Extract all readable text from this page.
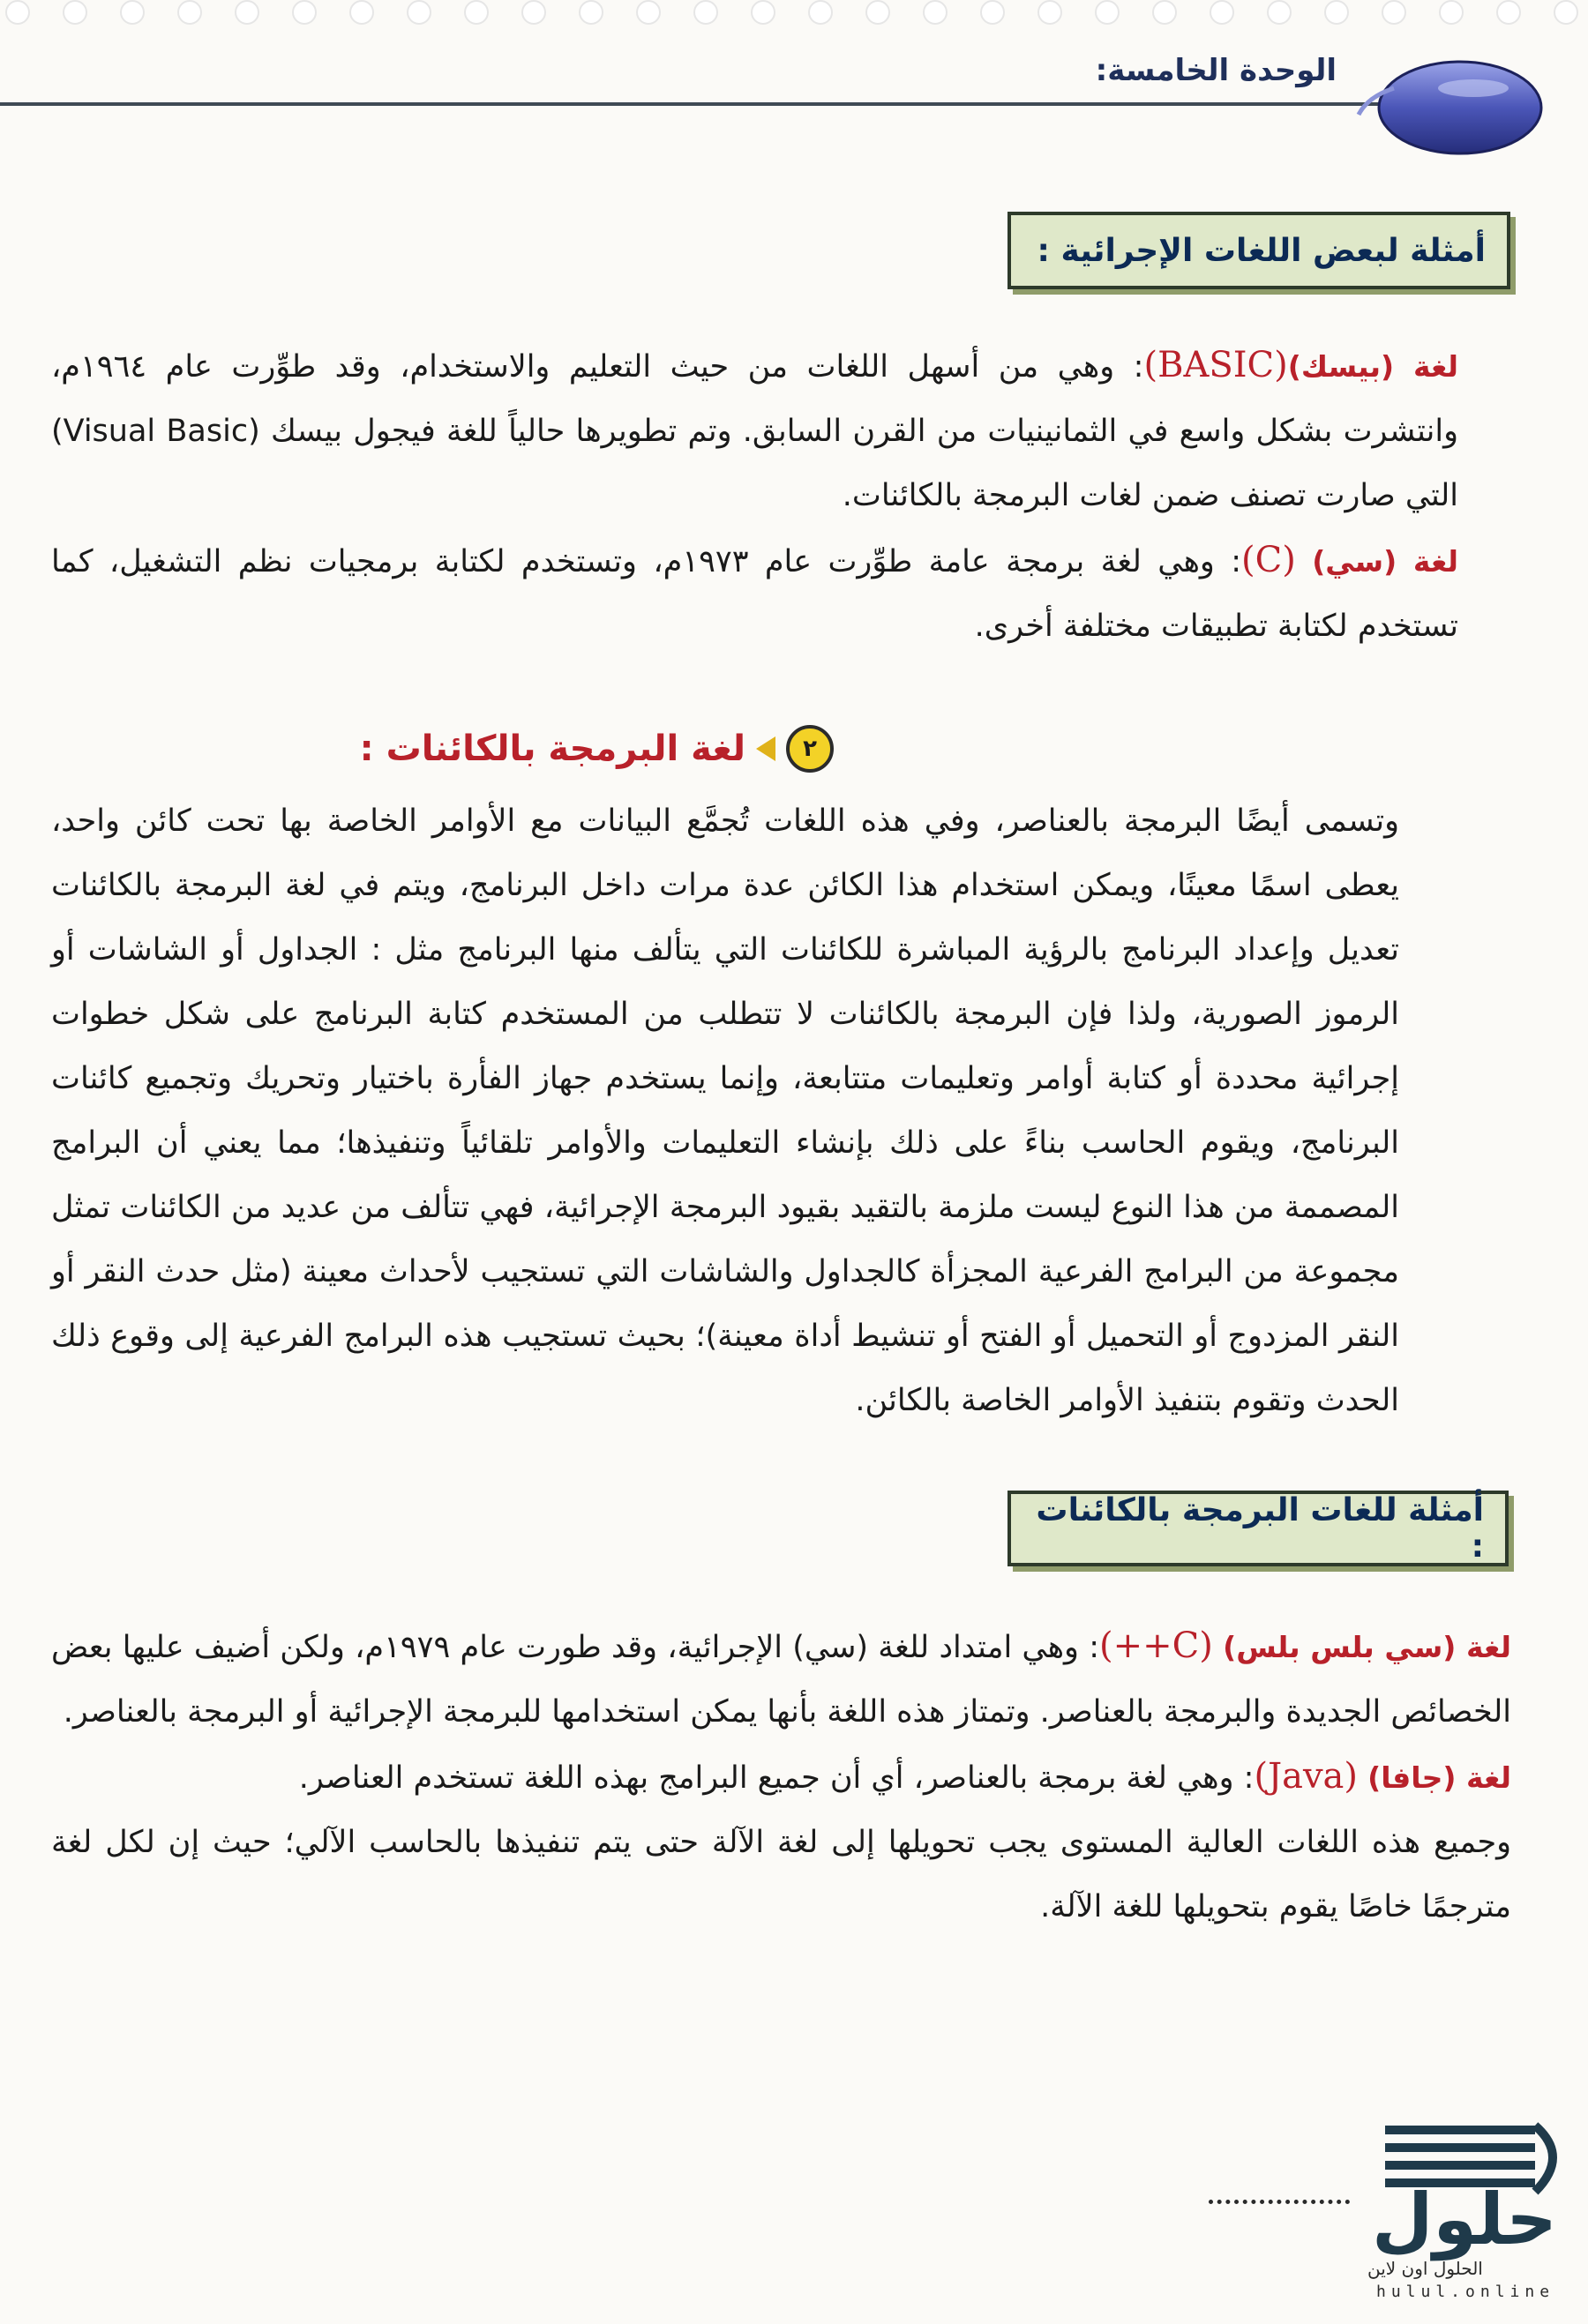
الوحدة الخامسة:
أمثلة لبعض اللغات الإجرائية :

لغة (بيسك)(BASIC): وهي من أسهل اللغات من حيث التعليم والاستخدام، وقد طوِّرت عام ١٩٦٤م، وانتشرت بشكل واسع في الثمانينيات من القرن السابق. وتم تطويرها حالياً للغة فيجول بيسك (Visual Basic) التي صارت تصنف ضمن لغات البرمجة بالكائنات.

لغة (سي) (C): وهي لغة برمجة عامة طوِّرت عام ١٩٧٣م، وتستخدم لكتابة برمجيات نظم التشغيل، كما تستخدم لكتابة تطبيقات مختلفة أخرى.

٢
لغة البرمجة بالكائنات :

وتسمى أيضًا البرمجة بالعناصر، وفي هذه اللغات تُجمَّع البيانات مع الأوامر الخاصة بها تحت كائن واحد، يعطى اسمًا معينًا، ويمكن استخدام هذا الكائن عدة مرات داخل البرنامج، ويتم في لغة البرمجة بالكائنات تعديل وإعداد البرنامج بالرؤية المباشرة للكائنات التي يتألف منها البرنامج مثل : الجداول أو الشاشات أو الرموز الصورية، ولذا فإن البرمجة بالكائنات لا تتطلب من المستخدم كتابة البرنامج على شكل خطوات إجرائية محددة أو كتابة أوامر وتعليمات متتابعة، وإنما يستخدم جهاز الفأرة باختيار وتحريك وتجميع كائنات البرنامج، ويقوم الحاسب بناءً على ذلك بإنشاء التعليمات والأوامر تلقائياً وتنفيذها؛ مما يعني أن البرامج المصممة من هذا النوع ليست ملزمة بالتقيد بقيود البرمجة الإجرائية، فهي تتألف من عديد من الكائنات تمثل مجموعة من البرامج الفرعية المجزأة كالجداول والشاشات التي تستجيب لأحداث معينة (مثل حدث النقر أو النقر المزدوج أو التحميل أو الفتح أو تنشيط أداة معينة)؛ بحيث تستجيب هذه البرامج الفرعية إلى وقوع ذلك الحدث وتقوم بتنفيذ الأوامر الخاصة بالكائن.

أمثلة للغات البرمجة بالكائنات :

لغة (سي بلس بلس) (C++): وهي امتداد للغة (سي) الإجرائية، وقد طورت عام ١٩٧٩م، ولكن أضيف عليها بعض الخصائص الجديدة والبرمجة بالعناصر. وتمتاز هذه اللغة بأنها يمكن استخدامها للبرمجة الإجرائية أو البرمجة بالعناصر.

لغة (جافا) (Java): وهي لغة برمجة بالعناصر، أي أن جميع البرامج بهذه اللغة تستخدم العناصر.

وجميع هذه اللغات العالية المستوى يجب تحويلها إلى لغة الآلة حتى يتم تنفيذها بالحاسب الآلي؛ حيث إن لكل لغة مترجمًا خاصًا يقوم بتحويلها للغة الآلة.

حلول
الحلول اون لاين
hulul.online
